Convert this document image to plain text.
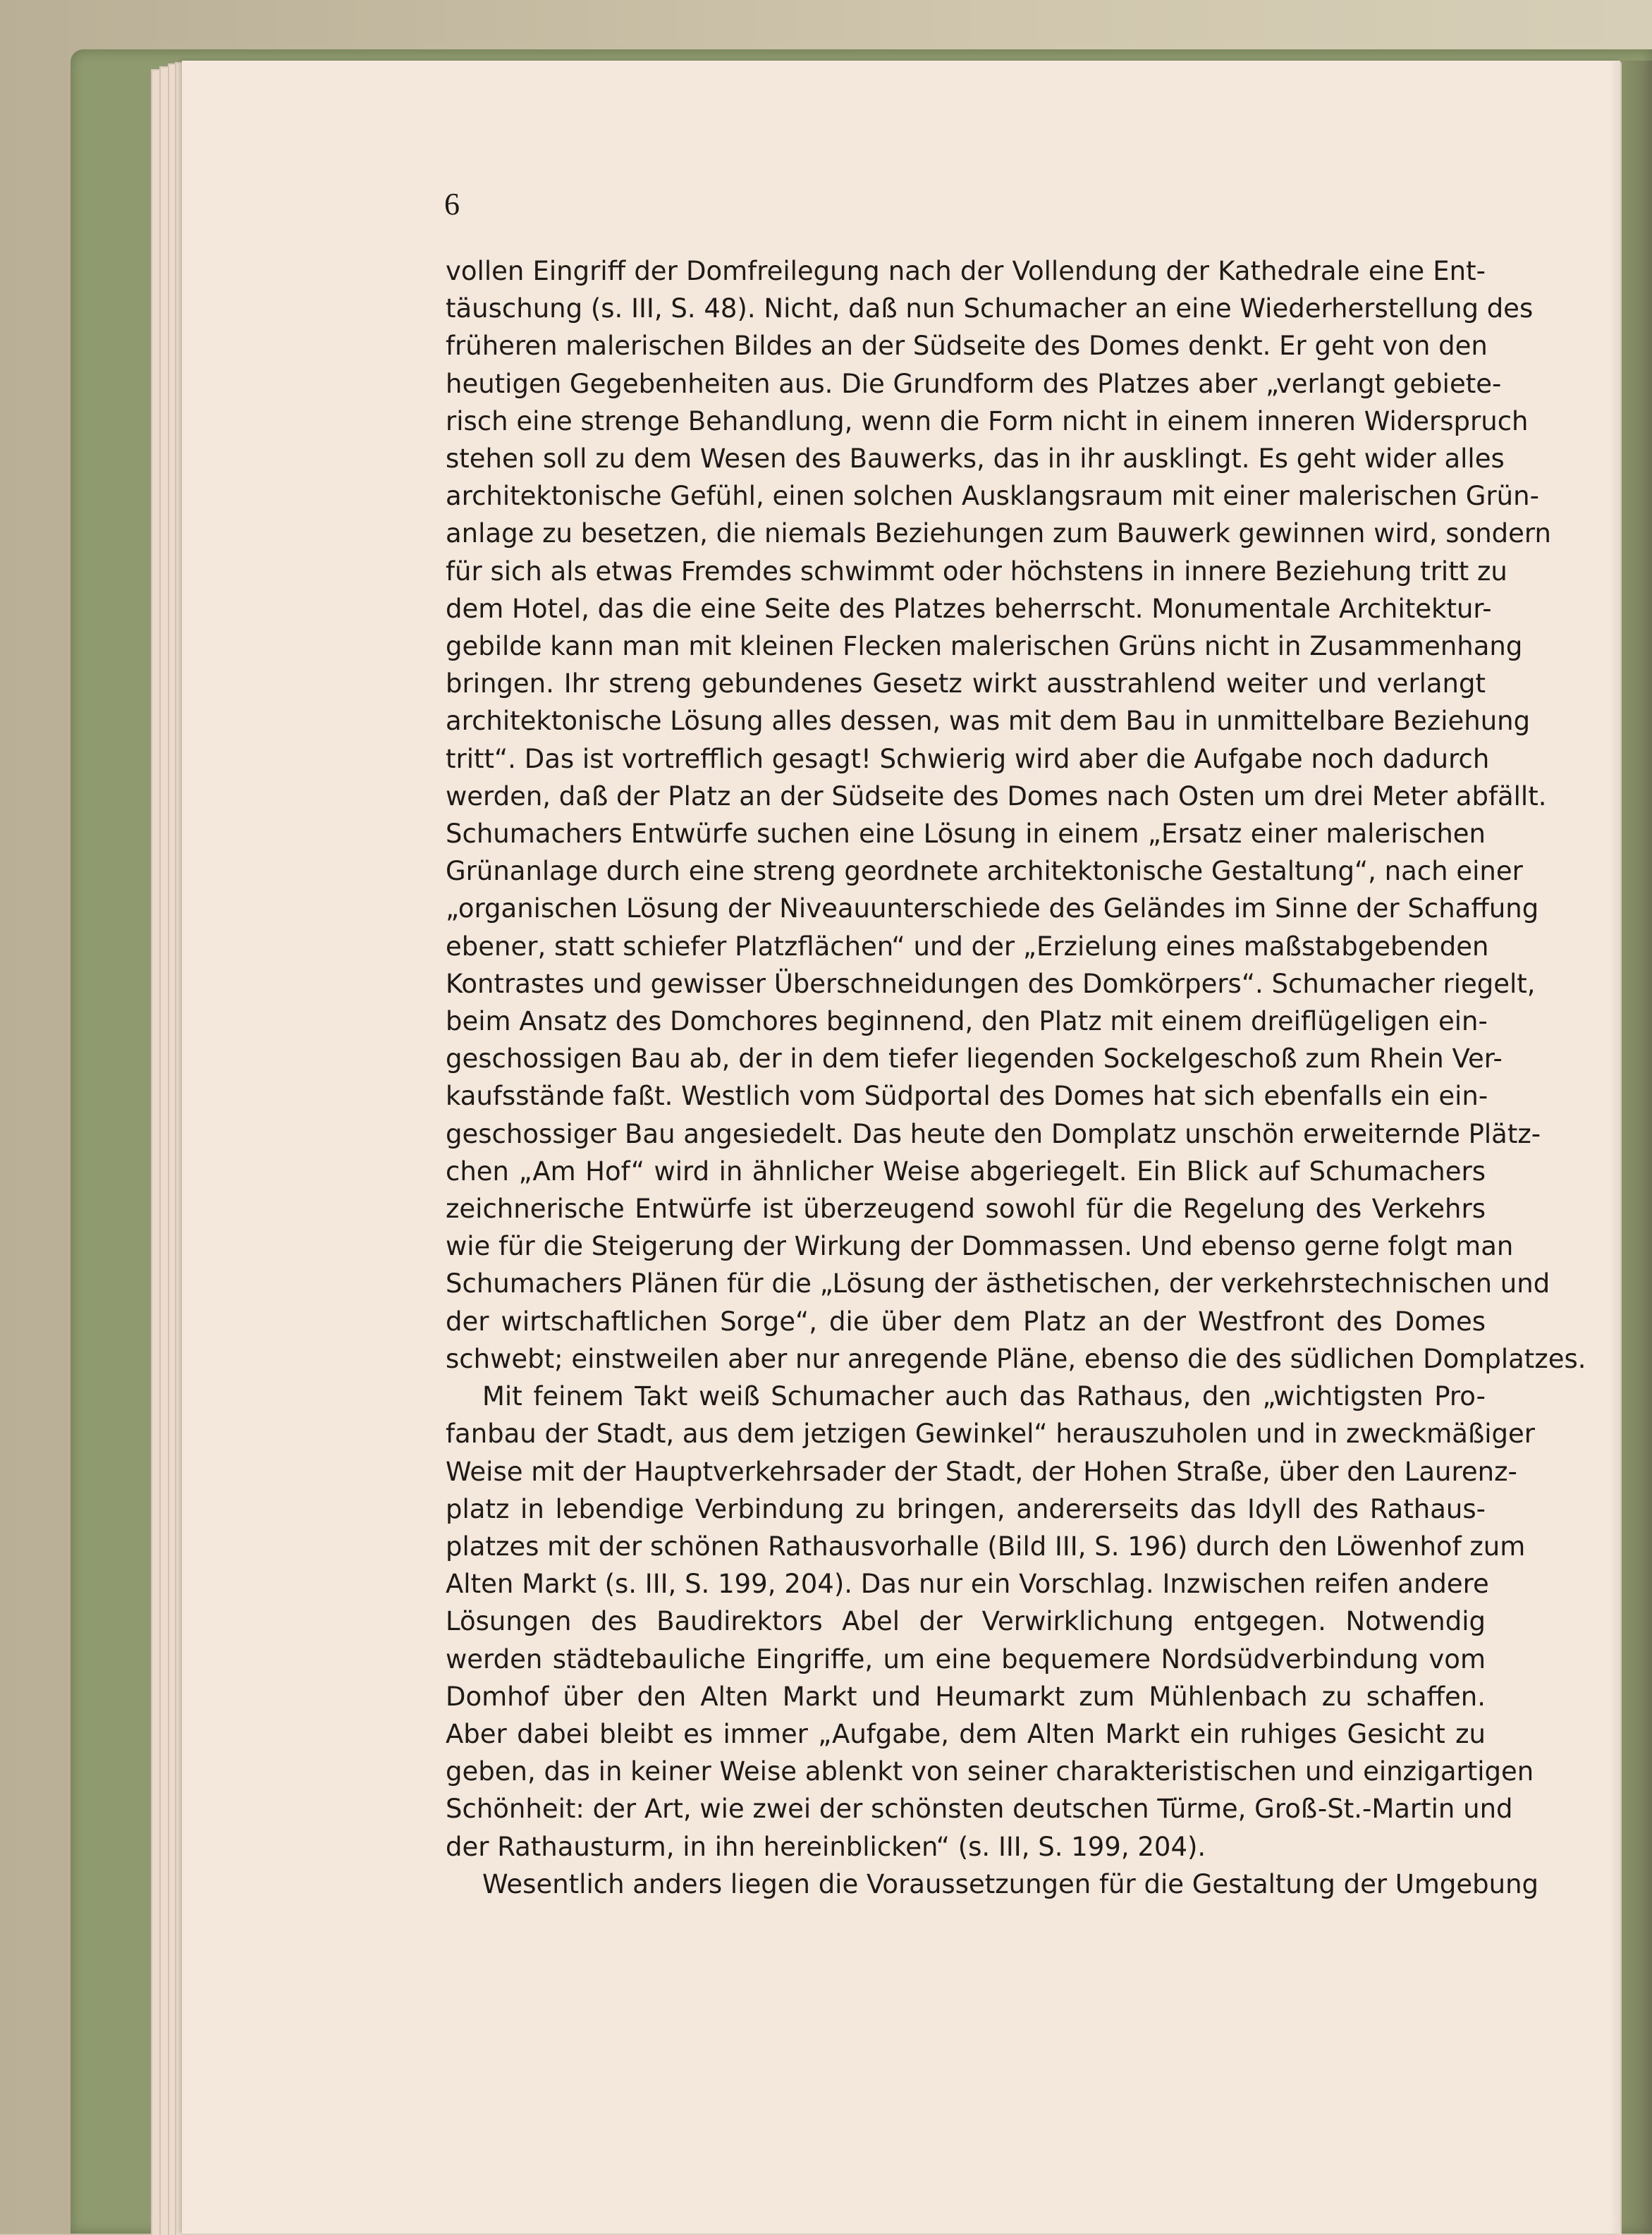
6

vollen Eingriff der Domfreilegung nach der Vollendung der Kathedrale eine Ent-

täuschung (s. III, S. 48). Nicht, daß nun Schumacher an eine Wiederherstellung des

früheren malerischen Bildes an der Südseite des Domes denkt. Er geht von den

heutigen Gegebenheiten aus. Die Grundform des Platzes aber „verlangt gebiete-

risch eine strenge Behandlung, wenn die Form nicht in einem inneren Widerspruch

stehen soll zu dem Wesen des Bauwerks, das in ihr ausklingt. Es geht wider alles

architektonische Gefühl, einen solchen Ausklangsraum mit einer malerischen Grün-

anlage zu besetzen, die niemals Beziehungen zum Bauwerk gewinnen wird, sondern

für sich als etwas Fremdes schwimmt oder höchstens in innere Beziehung tritt zu

dem Hotel, das die eine Seite des Platzes beherrscht. Monumentale Architektur-

gebilde kann man mit kleinen Flecken malerischen Grüns nicht in Zusammenhang

bringen. Ihr streng gebundenes Gesetz wirkt ausstrahlend weiter und verlangt

architektonische Lösung alles dessen, was mit dem Bau in unmittelbare Beziehung

tritt“. Das ist vortrefflich gesagt! Schwierig wird aber die Aufgabe noch dadurch

werden, daß der Platz an der Südseite des Domes nach Osten um drei Meter abfällt.

Schumachers Entwürfe suchen eine Lösung in einem „Ersatz einer malerischen

Grünanlage durch eine streng geordnete architektonische Gestaltung“, nach einer

„organischen Lösung der Niveauunterschiede des Geländes im Sinne der Schaffung

ebener, statt schiefer Platzflächen“ und der „Erzielung eines maßstabgebenden

Kontrastes und gewisser Überschneidungen des Domkörpers“. Schumacher riegelt,

beim Ansatz des Domchores beginnend, den Platz mit einem dreiflügeligen ein-

geschossigen Bau ab, der in dem tiefer liegenden Sockelgeschoß zum Rhein Ver-

kaufsstände faßt. Westlich vom Südportal des Domes hat sich ebenfalls ein ein-

geschossiger Bau angesiedelt. Das heute den Domplatz unschön erweiternde Plätz-

chen „Am Hof“ wird in ähnlicher Weise abgeriegelt. Ein Blick auf Schumachers

zeichnerische Entwürfe ist überzeugend sowohl für die Regelung des Verkehrs

wie für die Steigerung der Wirkung der Dommassen. Und ebenso gerne folgt man

Schumachers Plänen für die „Lösung der ästhetischen, der verkehrstechnischen und

der wirtschaftlichen Sorge“, die über dem Platz an der Westfront des Domes

schwebt; einstweilen aber nur anregende Pläne, ebenso die des südlichen Domplatzes.

Mit feinem Takt weiß Schumacher auch das Rathaus, den „wichtigsten Pro-

fanbau der Stadt, aus dem jetzigen Gewinkel“ herauszuholen und in zweckmäßiger

Weise mit der Hauptverkehrsader der Stadt, der Hohen Straße, über den Laurenz-

platz in lebendige Verbindung zu bringen, andererseits das Idyll des Rathaus-

platzes mit der schönen Rathausvorhalle (Bild III, S. 196) durch den Löwenhof zum

Alten Markt (s. III, S. 199, 204). Das nur ein Vorschlag. Inzwischen reifen andere

Lösungen des Baudirektors Abel der Verwirklichung entgegen. Notwendig

werden städtebauliche Eingriffe, um eine bequemere Nordsüdverbindung vom

Domhof über den Alten Markt und Heumarkt zum Mühlenbach zu schaffen.

Aber dabei bleibt es immer „Aufgabe, dem Alten Markt ein ruhiges Gesicht zu

geben, das in keiner Weise ablenkt von seiner charakteristischen und einzigartigen

Schönheit: der Art, wie zwei der schönsten deutschen Türme, Groß-St.-Martin und

der Rathausturm, in ihn hereinblicken“ (s. III, S. 199, 204).

Wesentlich anders liegen die Voraussetzungen für die Gestaltung der Umgebung
